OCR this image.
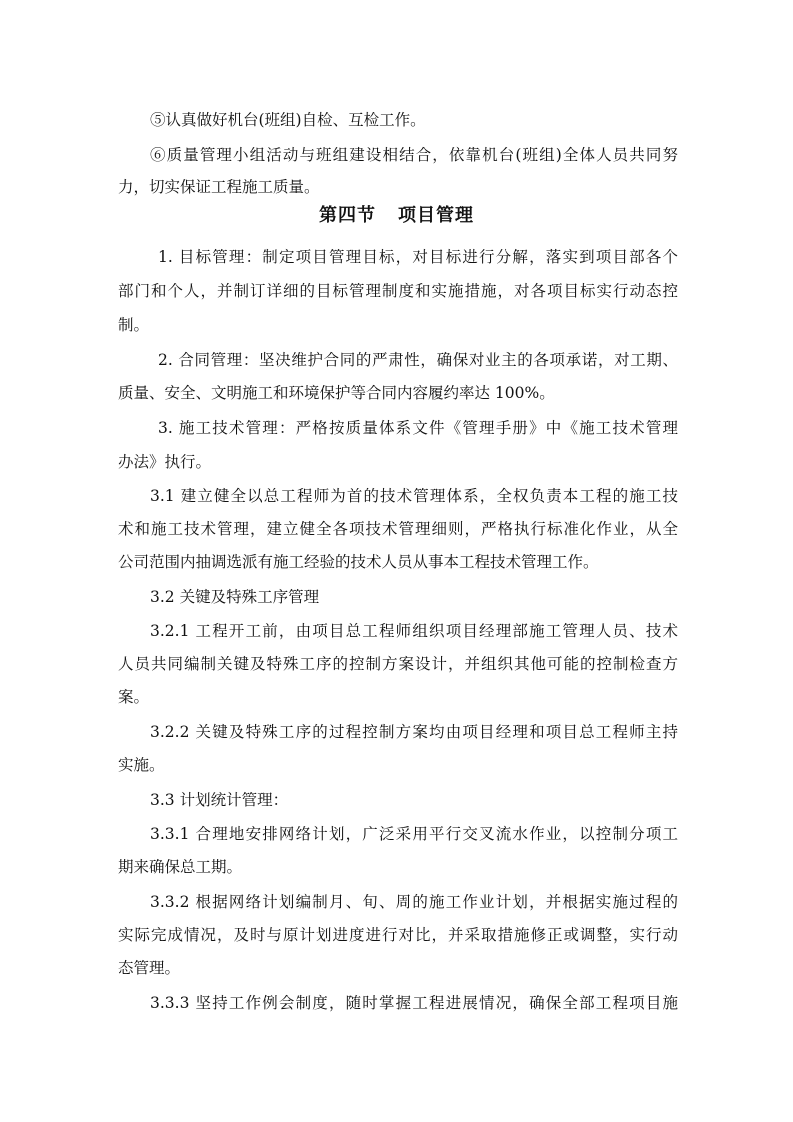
⑤认真做好机台(班组)自检、互检工作。
⑥质量管理小组活动与班组建设相结合，依靠机台(班组)全体人员共同努
力，切实保证工程施工质量。
第四节 项目管理
1. 目标管理：制定项目管理目标，对目标进行分解，落实到项目部各个
部门和个人，并制订详细的目标管理制度和实施措施，对各项目标实行动态控
制。
2. 合同管理：坚决维护合同的严肃性，确保对业主的各项承诺，对工期、
质量、安全、文明施工和环境保护等合同内容履约率达 100%。
3. 施工技术管理：严格按质量体系文件《管理手册》中《施工技术管理
办法》执行。
3.1 建立健全以总工程师为首的技术管理体系，全权负责本工程的施工技
术和施工技术管理，建立健全各项技术管理细则，严格执行标准化作业，从全
公司范围内抽调选派有施工经验的技术人员从事本工程技术管理工作。
3.2 关键及特殊工序管理
3.2.1 工程开工前，由项目总工程师组织项目经理部施工管理人员、技术
人员共同编制关键及特殊工序的控制方案设计，并组织其他可能的控制检查方
案。
3.2.2 关键及特殊工序的过程控制方案均由项目经理和项目总工程师主持
实施。
3.3 计划统计管理：
3.3.1 合理地安排网络计划，广泛采用平行交叉流水作业，以控制分项工
期来确保总工期。
3.3.2 根据网络计划编制月、旬、周的施工作业计划，并根据实施过程的
实际完成情况，及时与原计划进度进行对比，并采取措施修正或调整，实行动
态管理。
3.3.3 坚持工作例会制度，随时掌握工程进展情况，确保全部工程项目施
